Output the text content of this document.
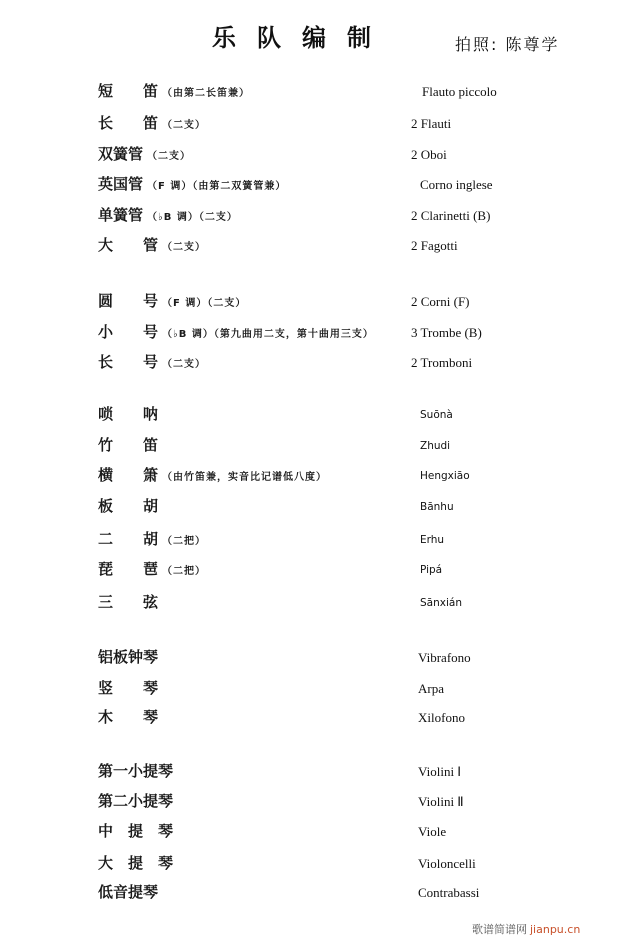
乐队编制	拍照: 陈尊学
短　　笛 （由第二长笛兼）	Flauto piccolo
长　　笛 （二支）	2 Flauti
双簧管 （二支）	2 Oboi
英国管 （F 调）（由第二双簧管兼）	Corno inglese
单簧管 （♭B 调）（二支）	2 Clarinetti (B)
大　　管 （二支）	2 Fagotti
圆　　号 （F 调）（二支）	2 Corni (F)
小　　号 （♭B 调）（第九曲用二支，第十曲用三支）	3 Trombe (B)
长　　号 （二支）	2 Tromboni
唢　　呐	Suōnà
竹　　笛	Zhudi
横　　箫 （由竹笛兼，实音比记谱低八度）	Hengxiāo
板　　胡	Bānhu
二　　胡 （二把）	Erhu
琵　　琶 （二把）	Pipá
三　　弦	Sānxián
铝板钟琴	Vibrafono
竖　　琴	Arpa
木　　琴	Xilofono
第一小提琴	Violini Ⅰ
第二小提琴	Violini Ⅱ
中　提　琴	Viole
大　提　琴	Violoncelli
低音提琴	Contrabassi
歌谱简谱网 jianpu.cn
